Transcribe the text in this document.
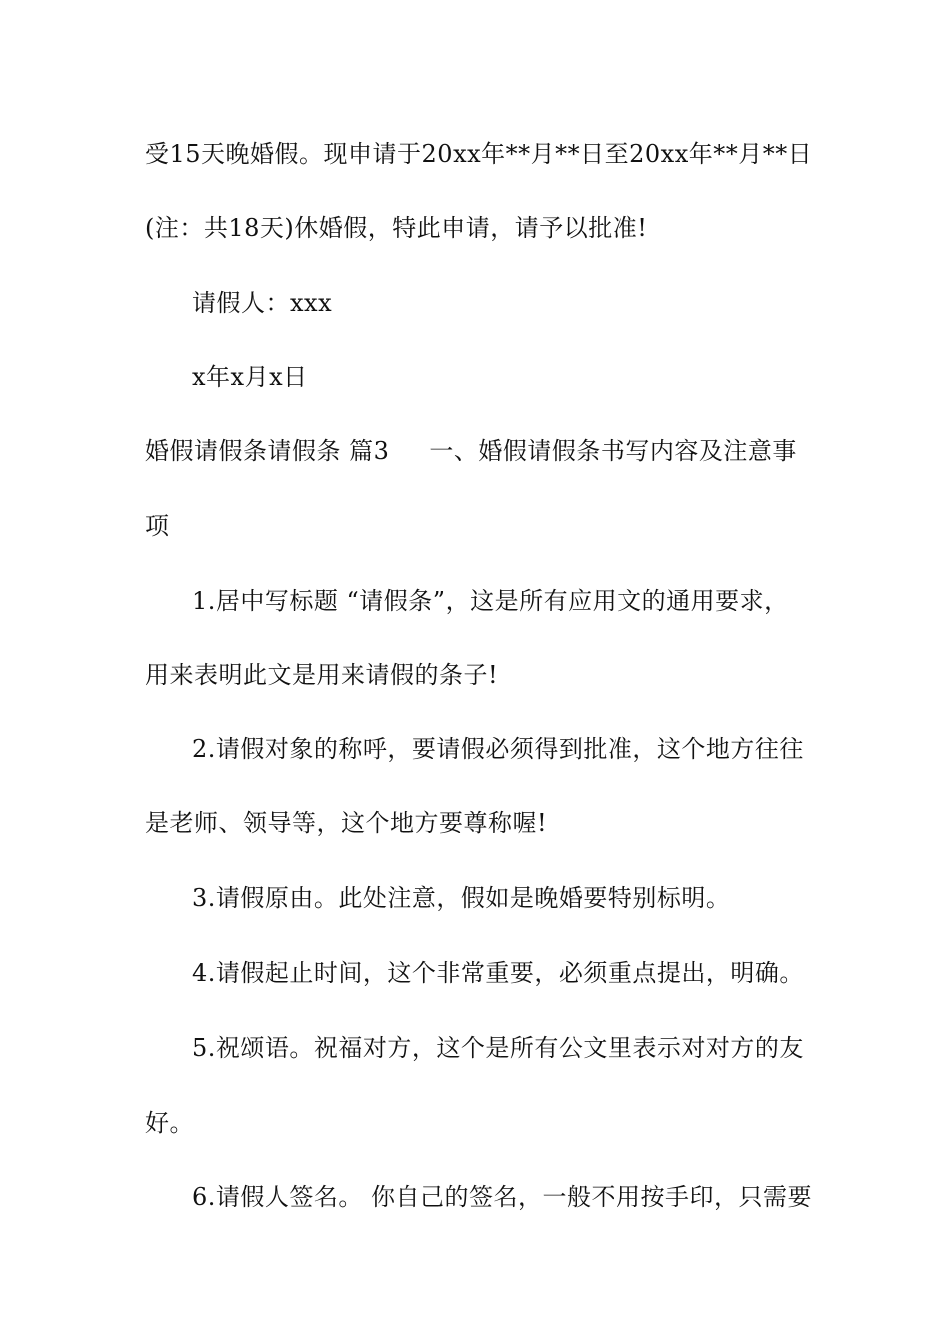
受15天晚婚假。现申请于20xx年**月**日至20xx年**月**日
(注：共18天)休婚假，特此申请，请予以批准!
请假人：xxx
x年x月x日
婚假请假条请假条 篇3 一、婚假请假条书写内容及注意事
项
1.居中写标题 “请假条”，这是所有应用文的通用要求，
用来表明此文是用来请假的条子!
2.请假对象的称呼，要请假必须得到批准，这个地方往往
是老师、领导等，这个地方要尊称喔!
3.请假原由。此处注意，假如是晚婚要特别标明。
4.请假起止时间，这个非常重要，必须重点提出，明确。
5.祝颂语。祝福对方，这个是所有公文里表示对对方的友
好。
6.请假人签名。 你自己的签名，一般不用按手印，只需要
